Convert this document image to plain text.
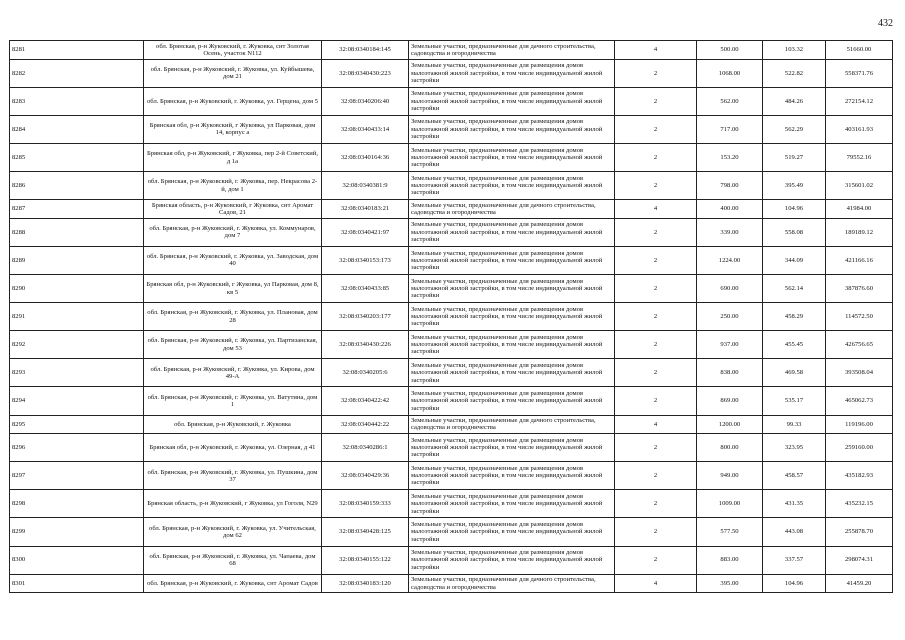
432
8281	обл. Брянская, р-н Жуковский, г. Жуковка, снт Золотая Осень, участок N112	32:08:0340184:145	Земельные участки, предназначенные для дачного строительства, садоводства и огородничества	4	500.00	103.32	51660.00
8282	обл. Брянская, р-н Жуковский, г. Жуковка, ул. Куйбышева, дом 21	32:08:0340430:223	Земельные участки, предназначенные для размещения домов малоэтажной жилой застройки, в том числе индивидуальной жилой застройки	2	1068.00	522.82	558371.76
8283	обл. Брянская, р-н Жуковский, г. Жуковка, ул. Герцена, дом 5	32:08:0340206:40	Земельные участки, предназначенные для размещения домов малоэтажной жилой застройки, в том числе индивидуальной жилой застройки	2	562.00	484.26	272154.12
8284	Брянская обл, р-н Жуковский, г Жуковка, ул Парковая, дом 14, корпус а	32:08:0340433:14	Земельные участки, предназначенные для размещения домов малоэтажной жилой застройки, в том числе индивидуальной жилой застройки	2	717.00	562.29	403161.93
8285	Брянская обл, р-н Жуковский, г Жуковка, пер 2-й Советский, д 1а	32:08:0340164:36	Земельные участки, предназначенные для размещения домов малоэтажной жилой застройки, в том числе индивидуальной жилой застройки	2	153.20	519.27	79552.16
8286	обл. Брянская, р-н Жуковский, г. Жуковка, пер. Некрасова 2-й, дом 1	32:08:0340381:9	Земельные участки, предназначенные для размещения домов малоэтажной жилой застройки, в том числе индивидуальной жилой застройки	2	798.00	395.49	315601.02
8287	Брянская область, р-н Жуковский, г Жуковка, снт Аромат Садов, 21	32:08:0340183:21	Земельные участки, предназначенные для дачного строительства, садоводства и огородничества	4	400.00	104.96	41984.00
8288	обл. Брянская, р-н Жуковский, г. Жуковка, ул. Коммунаров, дом 7	32:08:0340421:97	Земельные участки, предназначенные для размещения домов малоэтажной жилой застройки, в том числе индивидуальной жилой застройки	2	339.00	558.08	189189.12
8289	обл. Брянская, р-н Жуковский, г. Жуковка, ул. Заводская, дом 40	32:08:0340153:173	Земельные участки, предназначенные для размещения домов малоэтажной жилой застройки, в том числе индивидуальной жилой застройки	2	1224.00	344.09	421166.16
8290	Брянская обл, р-н Жуковский, г Жуковка, ул Парковая, дом 8, кв 5	32:08:0340433:85	Земельные участки, предназначенные для размещения домов малоэтажной жилой застройки, в том числе индивидуальной жилой застройки	2	690.00	562.14	387876.60
8291	обл. Брянская, р-н Жуковский, г. Жуковка, ул. Плановая, дом 28	32:08:0340203:177	Земельные участки, предназначенные для размещения домов малоэтажной жилой застройки, в том числе индивидуальной жилой застройки	2	250.00	458.29	114572.50
8292	обл. Брянская, р-н Жуковский, г. Жуковка, ул. Партизанская, дом 53	32:08:0340430:226	Земельные участки, предназначенные для размещения домов малоэтажной жилой застройки, в том числе индивидуальной жилой застройки	2	937.00	455.45	426756.65
8293	обл. Брянская, р-н Жуковский, г. Жуковка, ул. Кирова, дом 49-А	32:08:0340205:6	Земельные участки, предназначенные для размещения домов малоэтажной жилой застройки, в том числе индивидуальной жилой застройки	2	838.00	469.58	393508.04
8294	обл. Брянская, р-н Жуковский, г. Жуковка, ул. Ватутина, дом 1	32:08:0340422:42	Земельные участки, предназначенные для размещения домов малоэтажной жилой застройки, в том числе индивидуальной жилой застройки	2	869.00	535.17	465062.73
8295	обл. Брянская, р-н Жуковский, г. Жуковка	32:08:0340442:22	Земельные участки, предназначенные для дачного строительства, садоводства и огородничества	4	1200.00	99.33	119196.00
8296	Брянская обл, р-н Жуковский, г. Жуковка, ул. Озерная, д 41	32:08:0340286:1	Земельные участки, предназначенные для размещения домов малоэтажной жилой застройки, в том числе индивидуальной жилой застройки	2	800.00	323.95	259160.00
8297	обл. Брянская, р-н Жуковский, г. Жуковка, ул. Пушкина, дом 37	32:08:0340429:36	Земельные участки, предназначенные для размещения домов малоэтажной жилой застройки, в том числе индивидуальной жилой застройки	2	949.00	458.57	435182.93
8298	Брянская область, р-н Жуковский, г Жуковка, ул Гоголя, N29	32:08:0340159:333	Земельные участки, предназначенные для размещения домов малоэтажной жилой застройки, в том числе индивидуальной жилой застройки	2	1009.00	431.35	435232.15
8299	обл. Брянская, р-н Жуковский, г. Жуковка, ул. Учительская, дом 62	32:08:0340428:125	Земельные участки, предназначенные для размещения домов малоэтажной жилой застройки, в том числе индивидуальной жилой застройки	2	577.50	443.08	255878.70
8300	обл. Брянская, р-н Жуковский, г. Жуковка, ул. Чапаева, дом 68	32:08:0340155:122	Земельные участки, предназначенные для размещения домов малоэтажной жилой застройки, в том числе индивидуальной жилой застройки	2	883.00	337.57	298074.31
8301	обл. Брянская, р-н Жуковский, г. Жуковка, снт Аромат Садов	32:08:0340183:120	Земельные участки, предназначенные для дачного строительства, садоводства и огородничества	4	395.00	104.96	41459.20
